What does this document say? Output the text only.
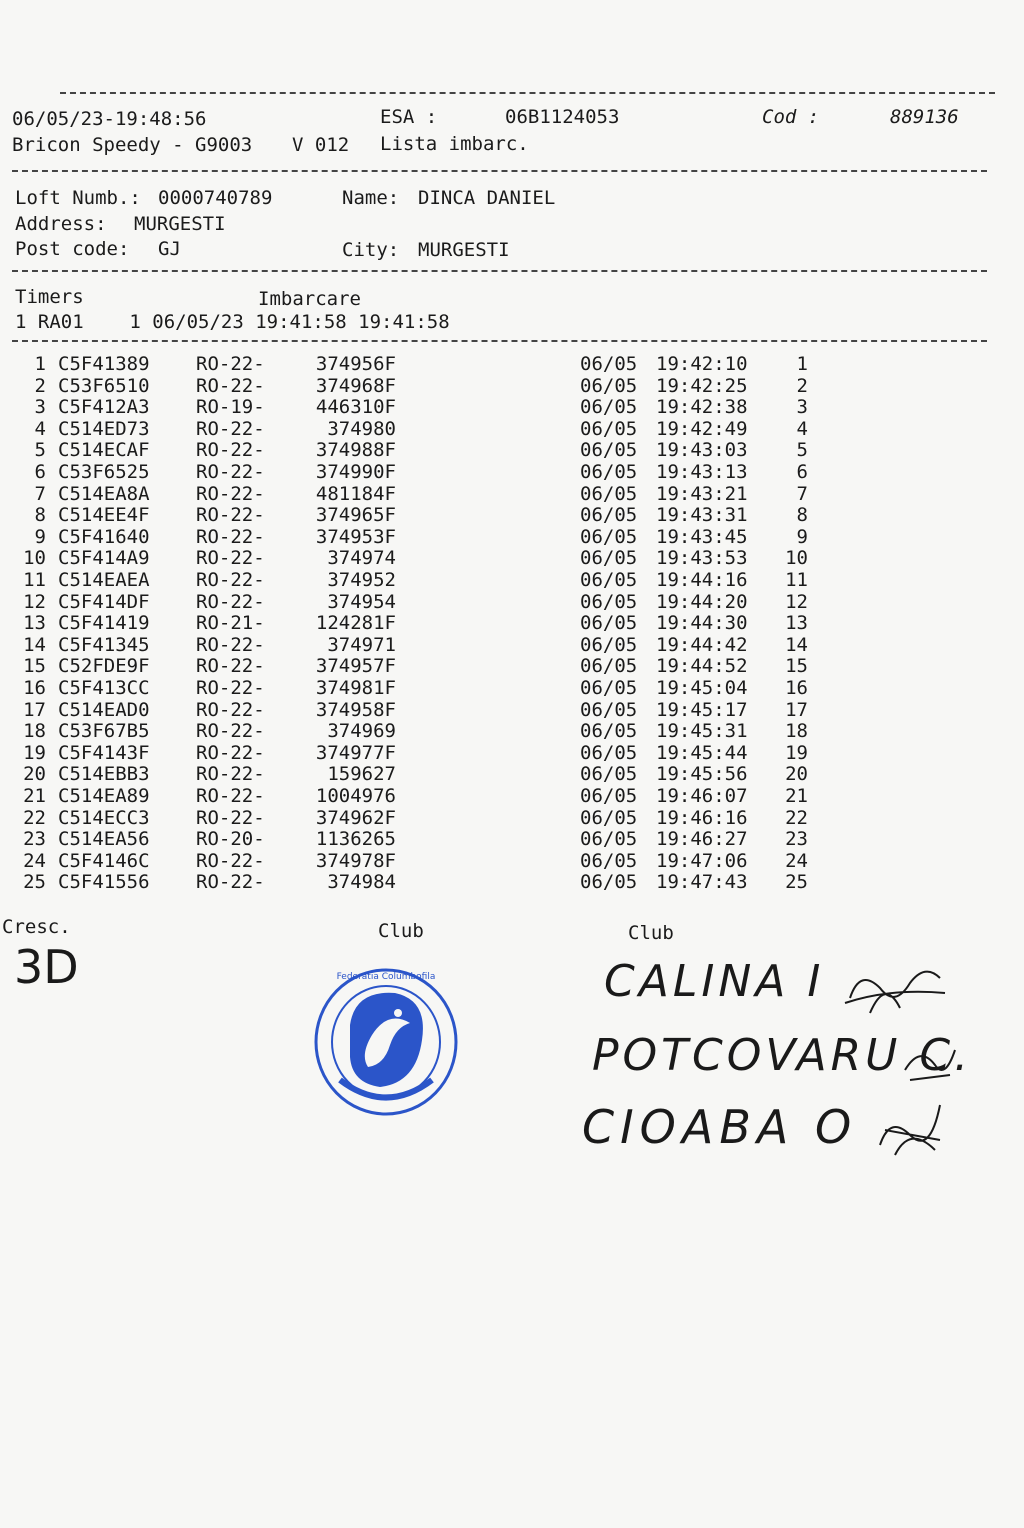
06/05/23-19:48:56	ESA :	06B1124053	Cod :	889136
Bricon Speedy - G9003 V 012 Lista imbarc.
Loft Numb.: 0000740789	Name: DINCA DANIEL
Address: MURGESTI
Post code: GJ	City: MURGESTI
Timers	Imbarcare
1 RA01    1 06/05/23 19:41:58 19:41:58
1 C5F41389 RO-22-	374956F	06/05 19:42:10	1
2 C53F6510 RO-22-	374968F	06/05 19:42:25	2
3 C5F412A3 RO-19-	446310F	06/05 19:42:38	3
4 C514ED73 RO-22-	374980	06/05 19:42:49	4
5 C514ECAF RO-22-	374988F	06/05 19:43:03	5
6 C53F6525 RO-22-	374990F	06/05 19:43:13	6
7 C514EA8A RO-22-	481184F	06/05 19:43:21	7
8 C514EE4F RO-22-	374965F	06/05 19:43:31	8
9 C5F41640 RO-22-	374953F	06/05 19:43:45	9
10 C5F414A9 RO-22-	374974	06/05 19:43:53 10
11 C514EAEA RO-22-	374952	06/05 19:44:16 11
12 C5F414DF RO-22-	374954	06/05 19:44:20 12
13 C5F41419 RO-21-	124281F	06/05 19:44:30 13
14 C5F41345 RO-22-	374971	06/05 19:44:42 14
15 C52FDE9F RO-22-	374957F	06/05 19:44:52 15
16 C5F413CC RO-22-	374981F	06/05 19:45:04 16
17 C514EAD0 RO-22-	374958F	06/05 19:45:17 17
18 C53F67B5 RO-22-	374969	06/05 19:45:31 18
19 C5F4143F RO-22-	374977F	06/05 19:45:44 19
20 C514EBB3 RO-22-	159627	06/05 19:45:56 20
21 C514EA89 RO-22-	1004976	06/05 19:46:07 21
22 C514ECC3 RO-22-	374962F	06/05 19:46:16 22
23 C514EA56 RO-20-	1136265	06/05 19:46:27 23
24 C5F4146C RO-22-	374978F	06/05 19:47:06 24
25 C5F41556 RO-22-	374984	06/05 19:47:43 25
Cresc.	Club	Club
3D	Federatia Columbofila	CALINA I
POTCOVARU C.
CIOABA O
